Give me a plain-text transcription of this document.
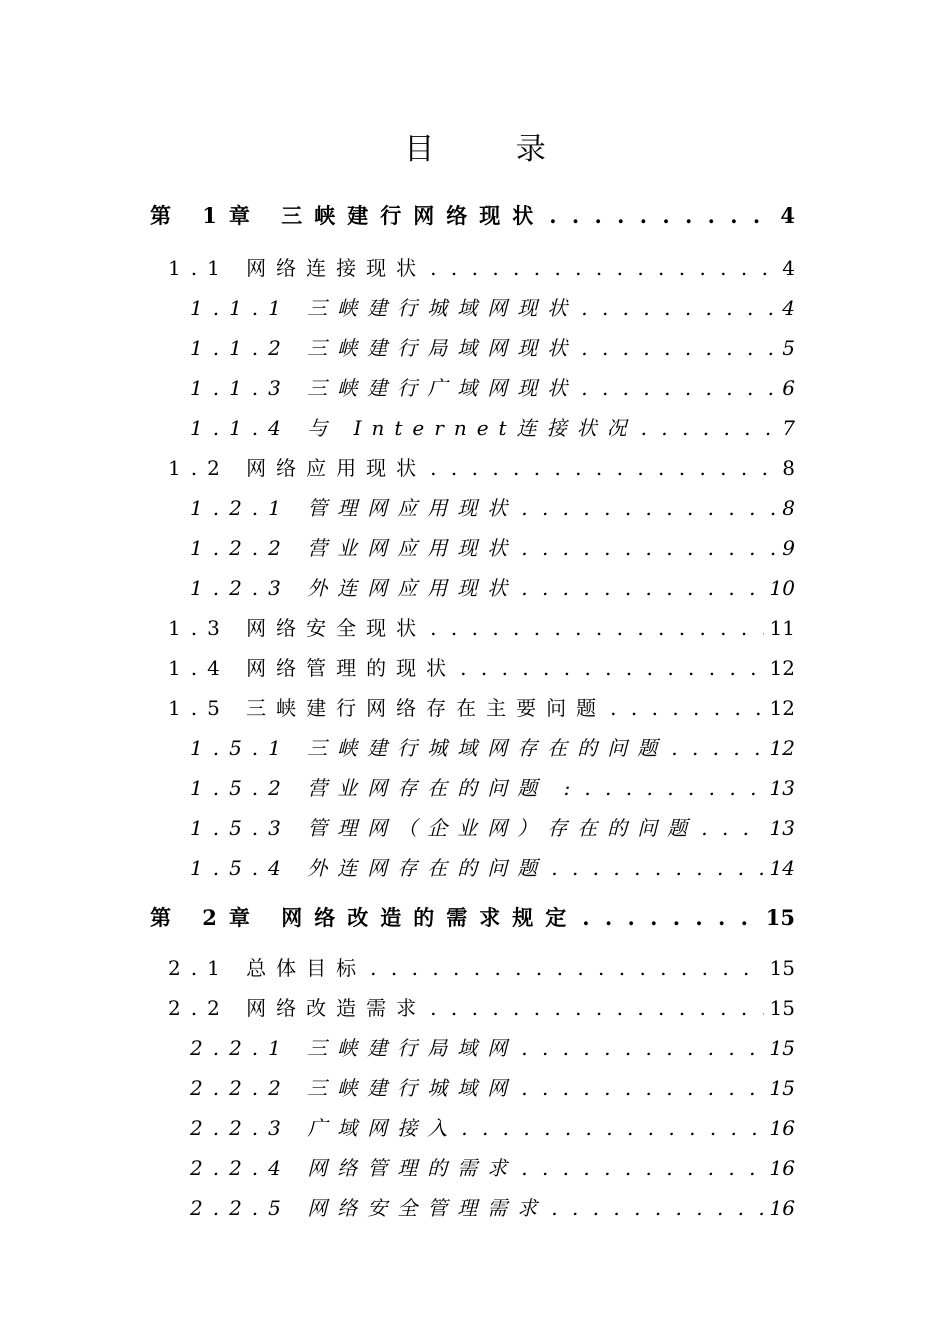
目 录
第 1章 三峡建行网络现状 . . .	4
1.1 网络连接现状 . . .	4
1.1.1 三峡建行城域网现状 . . .	4
1.1.2 三峡建行局域网现状 . . .	5
1.1.3 三峡建行广域网现状 . . .	6
1.1.4 与 Internet连接状况 . . .	7
1.2 网络应用现状 . . .	8
1.2.1 管理网应用现状 . . .	8
1.2.2 营业网应用现状 . . .	9
1.2.3 外连网应用现状 . . .	10
1.3 网络安全现状 . . .	11
1.4 网络管理的现状 . . .	12
1.5 三峡建行网络存在主要问题 . . .	12
1.5.1 三峡建行城域网存在的问题 . . .	12
1.5.2 营业网存在的问题 : . . .	13
1.5.3 管理网（企业网）存在的问题 . . .	13
1.5.4 外连网存在的问题 . . .	14
第 2章 网络改造的需求规定 . . .	15
2.1 总体目标 . . .	15
2.2 网络改造需求 . . .	15
2.2.1 三峡建行局域网 . . .	15
2.2.2 三峡建行城域网 . . .	15
2.2.3 广域网接入 . . .	16
2.2.4 网络管理的需求 . . .	16
2.2.5 网络安全管理需求 . . .	16
